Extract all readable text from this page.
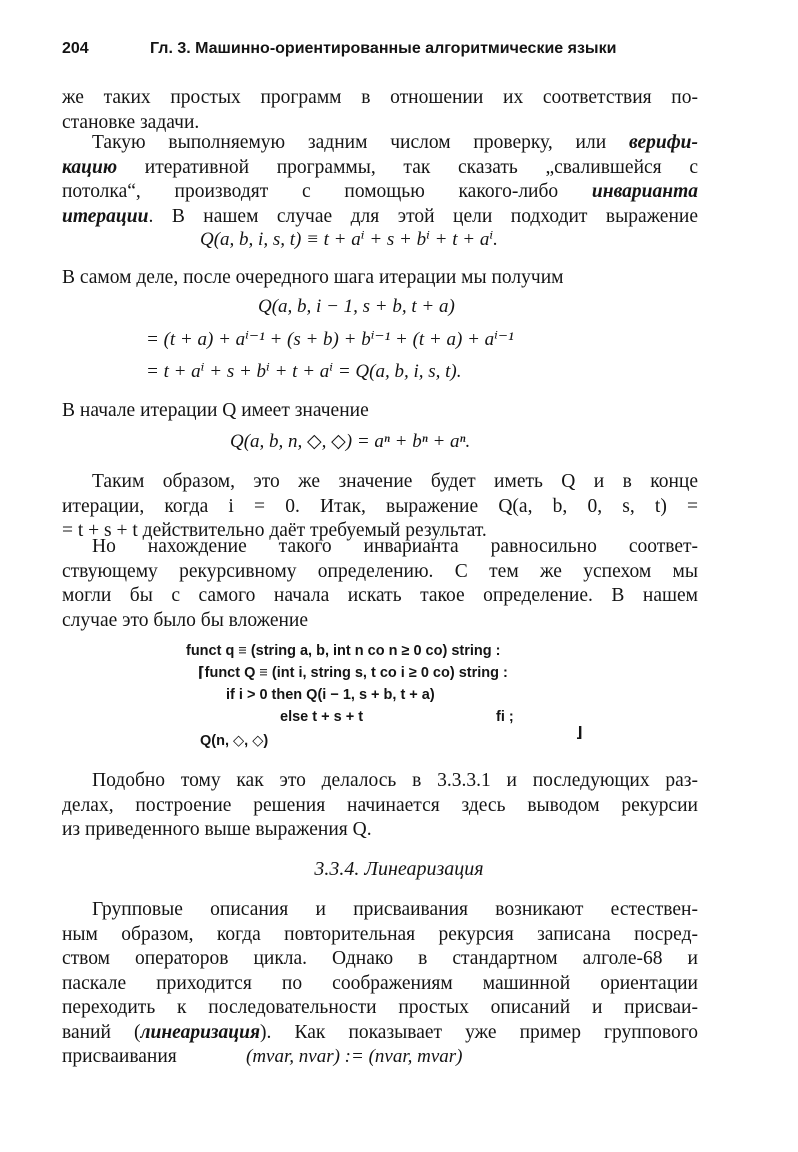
204	Гл. 3. Машинно-ориентированные алгоритмические языки
же таких простых программ в отношении их соответствия по-
становке задачи.
Такую выполняемую задним числом проверку, или верифи-
кацию итеративной программы, так сказать „свалившейся с
потолка“, производят с помощью какого-либо инварианта
итерации. В нашем случае для этой цели подходит выражение
Q(a, b, i, s, t) ≡ t + aⁱ + s + bⁱ + t + aⁱ.
В самом деле, после очередного шага итерации мы получим
Q(a, b, i − 1, s + b, t + a)
= (t + a) + aⁱ⁻¹ + (s + b) + bⁱ⁻¹ + (t + a) + aⁱ⁻¹
= t + aⁱ + s + bⁱ + t + aⁱ = Q(a, b, i, s, t).
В начале итерации Q имеет значение
Q(a, b, n, ◇, ◇) = aⁿ + bⁿ + aⁿ.
Таким образом, это же значение будет иметь Q и в конце
итерации, когда i = 0. Итак, выражение Q(a, b, 0, s, t) =
= t + s + t действительно даёт требуемый результат.
Но нахождение такого инварианта равносильно соответ-
ствующему рекурсивному определению. С тем же успехом мы
могли бы с самого начала искать такое определение. В нашем
случае это было бы вложение
funct q ≡ (string a, b, int n co n ≥ 0 co) string :
⌈funct Q ≡ (int i, string s, t co i ≥ 0 co) string :
if i > 0 then Q(i − 1, s + b, t + a)
else t + s + t	fi ;
Q(n, ◇, ◇)	⌋
Подобно тому как это делалось в 3.3.3.1 и последующих раз-
делах, построение решения начинается здесь выводом рекурсии
из приведенного выше выражения Q.
3.3.4. Линеаризация
Групповые описания и присваивания возникают естествен-
ным образом, когда повторительная рекурсия записана посред-
ством операторов цикла. Однако в стандартном алголе-68 и
паскале приходится по соображениям машинной ориентации
переходить к последовательности простых описаний и присваи-
ваний (линеаризация). Как показывает уже пример группового
присваивания	(mvar, nvar) := (nvar, mvar)
